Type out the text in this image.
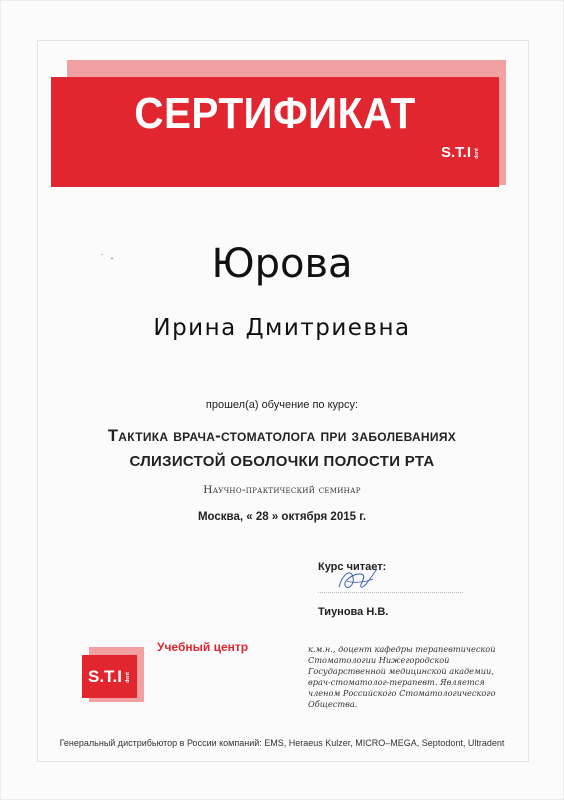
СЕРТИФИКАТ
S.T.I dent
˙ -	Юрова
Ирина Дмитриевна
прошел(а) обучение по курсу:
Тактика врача-стоматолога при заболеваниях
СЛИЗИСТОЙ ОБОЛОЧКИ ПОЛОСТИ РТА
Научно-практический семинар
Москва, « 28 » октября 2015 г.
Курс читает:
Тиунова Н.В.
к.м.н., доцент кафедры терапевтической Стоматологии Нижегородской Государственной медицинской академии, врач-стоматолог-терапевт. Является членом Российского Стоматологического Общества.
Учебный центр
S.T.I dent
Генеральный дистрибьютор в России компаний: EMS, Heraeus Kulzer, MICRO–MEGA, Septodont, Ultradent
